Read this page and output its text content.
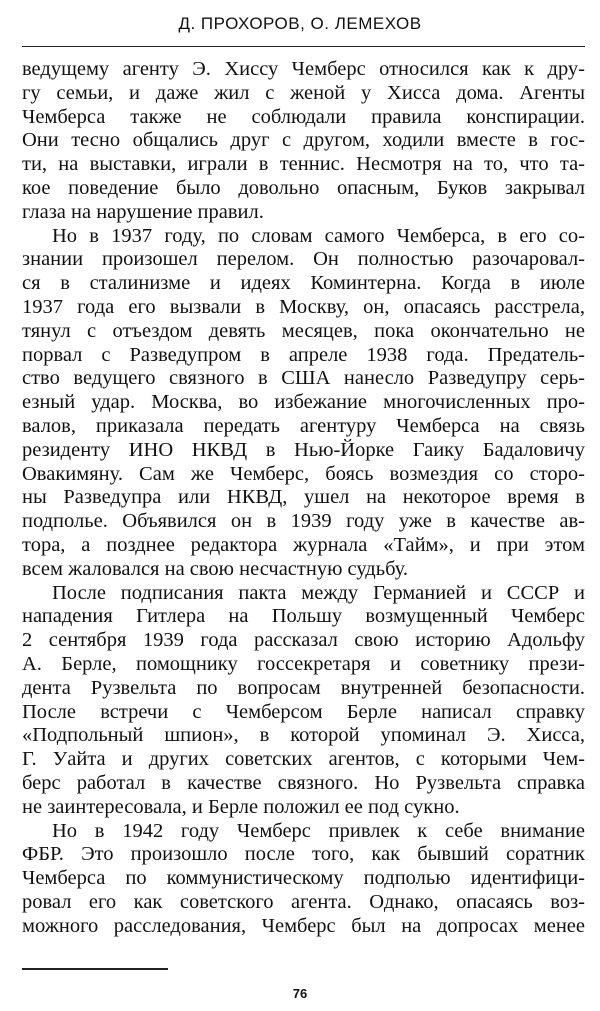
Д. ПРОХОРОВ, О. ЛЕМЕХОВ
ведущему агенту Э. Хиссу Чемберс относился как к дру-
гу семьи, и даже жил с женой у Хисса дома. Агенты
Чемберса также не соблюдали правила конспирации.
Они тесно общались друг с другом, ходили вместе в гос-
ти, на выставки, играли в теннис. Несмотря на то, что та-
кое поведение было довольно опасным, Буков закрывал
глаза на нарушение правил.
Но в 1937 году, по словам самого Чемберса, в его со-
знании произошел перелом. Он полностью разочаровал-
ся в сталинизме и идеях Коминтерна. Когда в июле
1937 года его вызвали в Москву, он, опасаясь расстрела,
тянул с отъездом девять месяцев, пока окончательно не
порвал с Разведупром в апреле 1938 года. Предатель-
ство ведущего связного в США нанесло Разведупру серь-
езный удар. Москва, во избежание многочисленных про-
валов, приказала передать агентуру Чемберса на связь
резиденту ИНО НКВД в Нью-Йорке Гаику Бадаловичу
Овакимяну. Сам же Чемберс, боясь возмездия со сторо-
ны Разведупра или НКВД, ушел на некоторое время в
подполье. Объявился он в 1939 году уже в качестве ав-
тора, а позднее редактора журнала «Тайм», и при этом
всем жаловался на свою несчастную судьбу.
После подписания пакта между Германией и СССР и
нападения Гитлера на Польшу возмущенный Чемберс
2 сентября 1939 года рассказал свою историю Адольфу
А. Берле, помощнику госсекретаря и советнику прези-
дента Рузвельта по вопросам внутренней безопасности.
После встречи с Чемберсом Берле написал справку
«Подпольный шпион», в которой упоминал Э. Хисса,
Г. Уайта и других советских агентов, с которыми Чем-
берс работал в качестве связного. Но Рузвельта справка
не заинтересовала, и Берле положил ее под сукно.
Но в 1942 году Чемберс привлек к себе внимание
ФБР. Это произошло после того, как бывший соратник
Чемберса по коммунистическому подполью идентифици-
ровал его как советского агента. Однако, опасаясь воз-
можного расследования, Чемберс был на допросах менее
76
